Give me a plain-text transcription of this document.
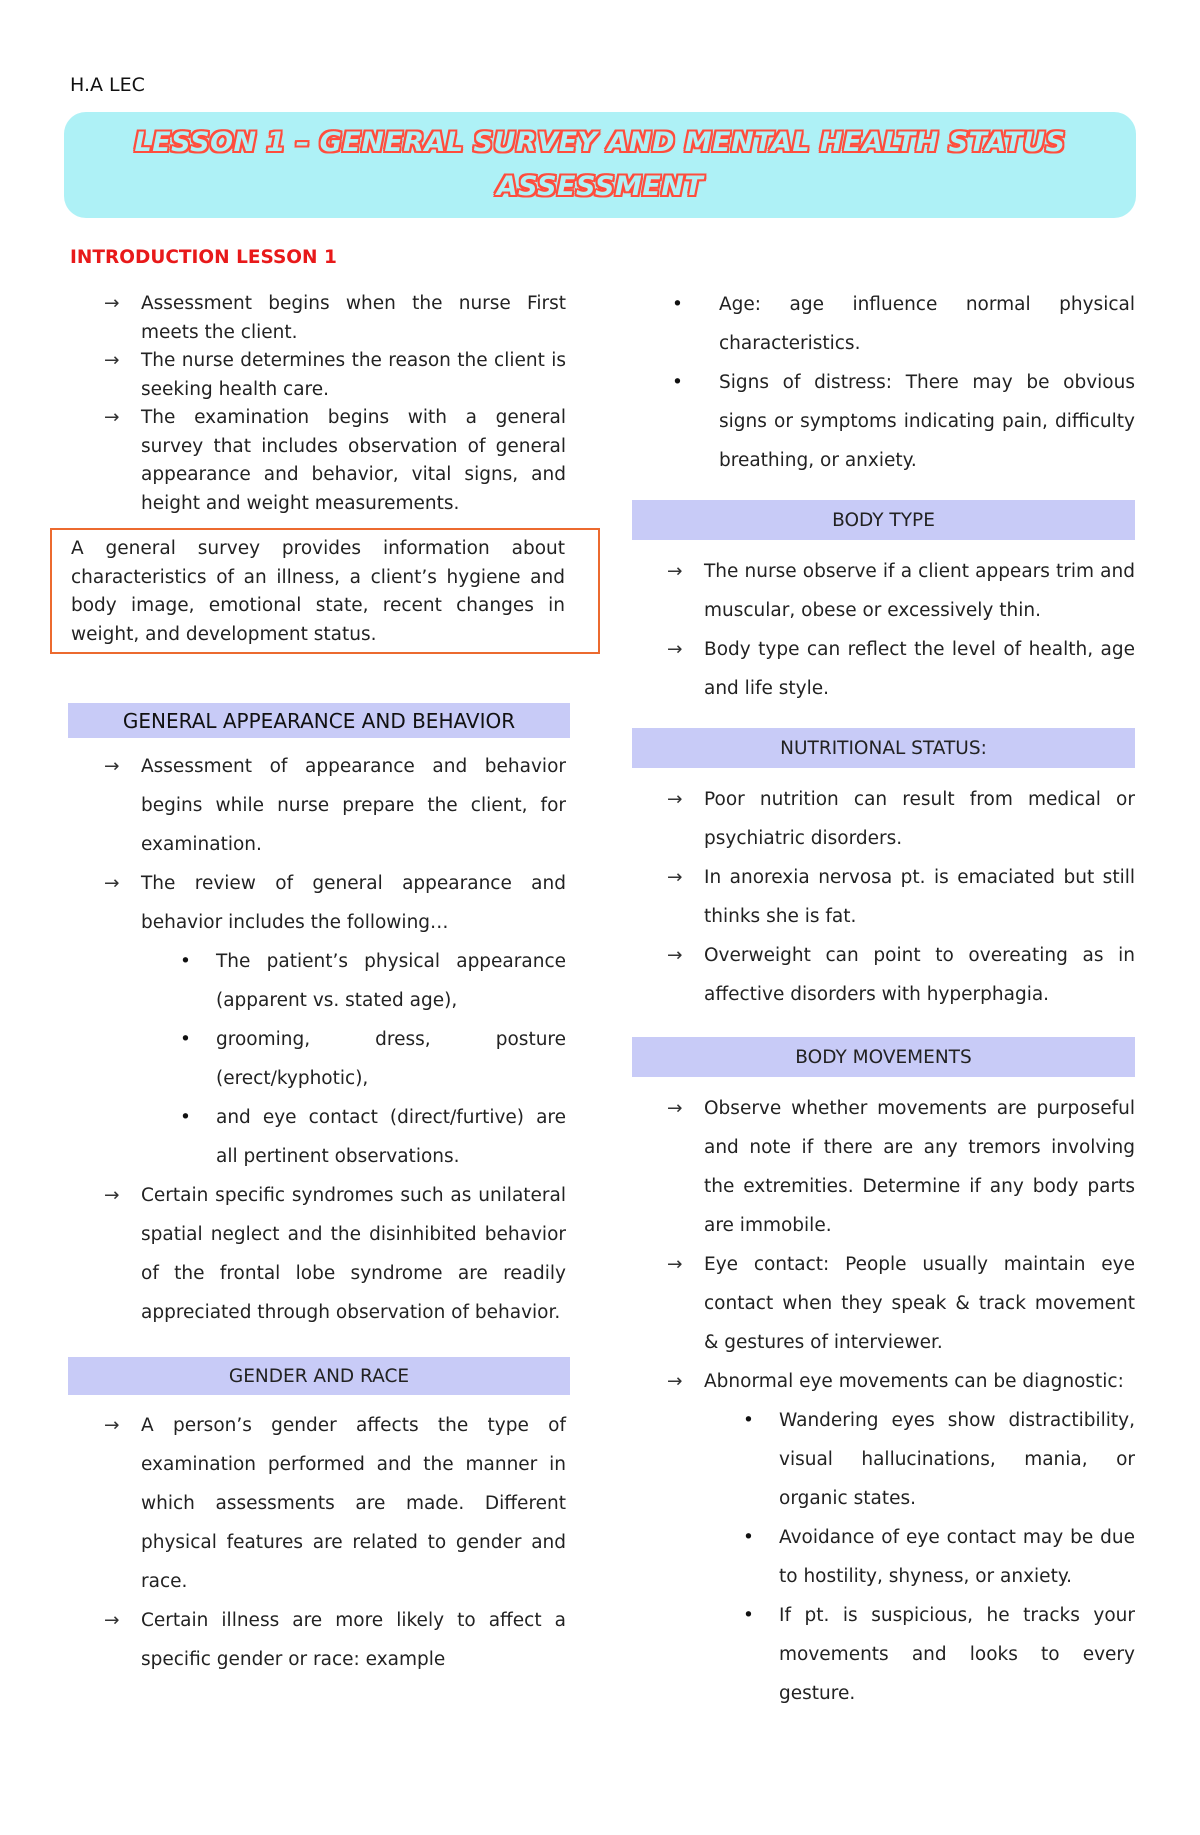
H.A LEC
LESSON 1 – GENERAL SURVEY AND MENTAL HEALTH STATUS
ASSESSMENT
INTRODUCTION LESSON 1
→	Assessment begins when the nurse First meets the client.
→	The nurse determines the reason the client is seeking health care.
→	The examination begins with a general survey that includes observation of general appearance and behavior, vital signs, and height and weight measurements.
A general survey provides information about characteristics of an illness, a client’s hygiene and body image, emotional state, recent changes in weight, and development status.
GENERAL APPEARANCE AND BEHAVIOR
→	Assessment of appearance and behavior begins while nurse prepare the client, for examination.
→	The review of general appearance and behavior includes the following…
• The patient’s physical appearance (apparent vs. stated age),
• grooming, dress, posture (erect/kyphotic),
• and eye contact (direct/furtive) are all pertinent observations.
→	Certain specific syndromes such as unilateral spatial neglect and the disinhibited behavior of the frontal lobe syndrome are readily appreciated through observation of behavior.
GENDER AND RACE
→	A person’s gender affects the type of examination performed and the manner in which assessments are made. Different physical features are related to gender and race.
→	Certain illness are more likely to affect a specific gender or race: example
• Age: age influence normal physical characteristics.
• Signs of distress: There may be obvious signs or symptoms indicating pain, difficulty breathing, or anxiety.
BODY TYPE
→	The nurse observe if a client appears trim and muscular, obese or excessively thin.
→	Body type can reflect the level of health, age and life style.
NUTRITIONAL STATUS:
→	Poor nutrition can result from medical or psychiatric disorders.
→	In anorexia nervosa pt. is emaciated but still thinks she is fat.
→	Overweight can point to overeating as in affective disorders with hyperphagia.
BODY MOVEMENTS
→	Observe whether movements are purposeful and note if there are any tremors involving the extremities. Determine if any body parts are immobile.
→	Eye contact: People usually maintain eye contact when they speak & track movement & gestures of interviewer.
→	Abnormal eye movements can be diagnostic:
• Wandering eyes show distractibility, visual hallucinations, mania, or organic states.
• Avoidance of eye contact may be due to hostility, shyness, or anxiety.
• If pt. is suspicious, he tracks your movements and looks to every gesture.
